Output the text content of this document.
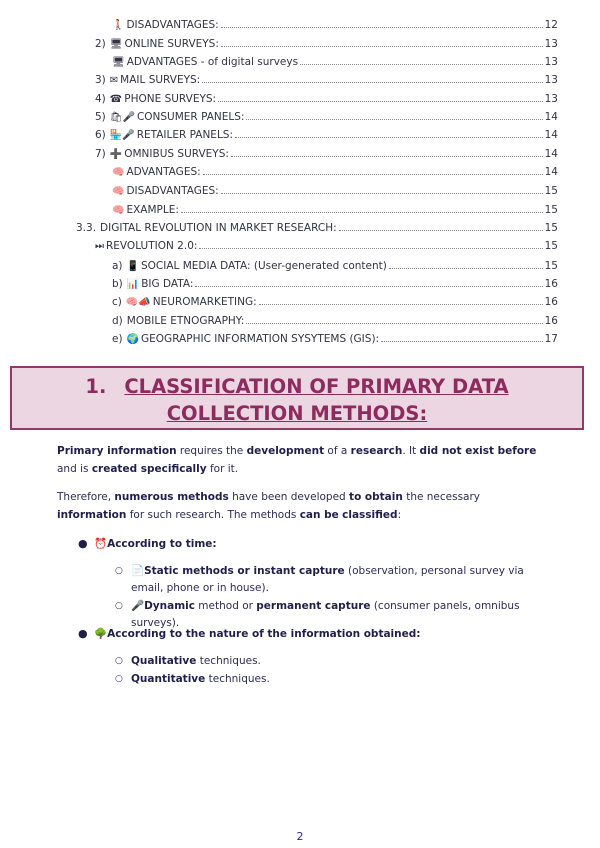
🚶 DISADVANTAGES:	12
2) 🖥 ONLINE SURVEYS:	13
🖥 ADVANTAGES - of digital surveys	13
3) ✉ MAIL SURVEYS:	13
4) ☎ PHONE SURVEYS:	13
5) 🛍🎤 CONSUMER PANELS:	14
6) 🏪🎤 RETAILER PANELS:	14
7) ➕ OMNIBUS SURVEYS:	14
🧠 ADVANTAGES:	14
🧠 DISADVANTAGES:	15
🧠 EXAMPLE:	15
3.3. DIGITAL REVOLUTION IN MARKET RESEARCH:	15
⏭ REVOLUTION 2.0:	15
a) 📱 SOCIAL MEDIA DATA: (User-generated content)	15
b) 📊 BIG DATA:	16
c) 🧠📣 NEUROMARKETING:	16
d) MOBILE ETNOGRAPHY:	16
e) 🌍 GEOGRAPHIC INFORMATION SYSYTEMS (GIS):	17
1. CLASSIFICATION OF PRIMARY DATA
COLLECTION METHODS:
Primary information requires the development of a research. It did not exist before and is created specifically for it.
Therefore, numerous methods have been developed to obtain the necessary information for such research. The methods can be classified:
● ⏰According to time:
○ 📄Static methods or instant capture (observation, personal survey via email, phone or in house).
○ 🎤Dynamic method or permanent capture (consumer panels, omnibus surveys).
● 🌳According to the nature of the information obtained:
○ Qualitative techniques.
○ Quantitative techniques.
2
